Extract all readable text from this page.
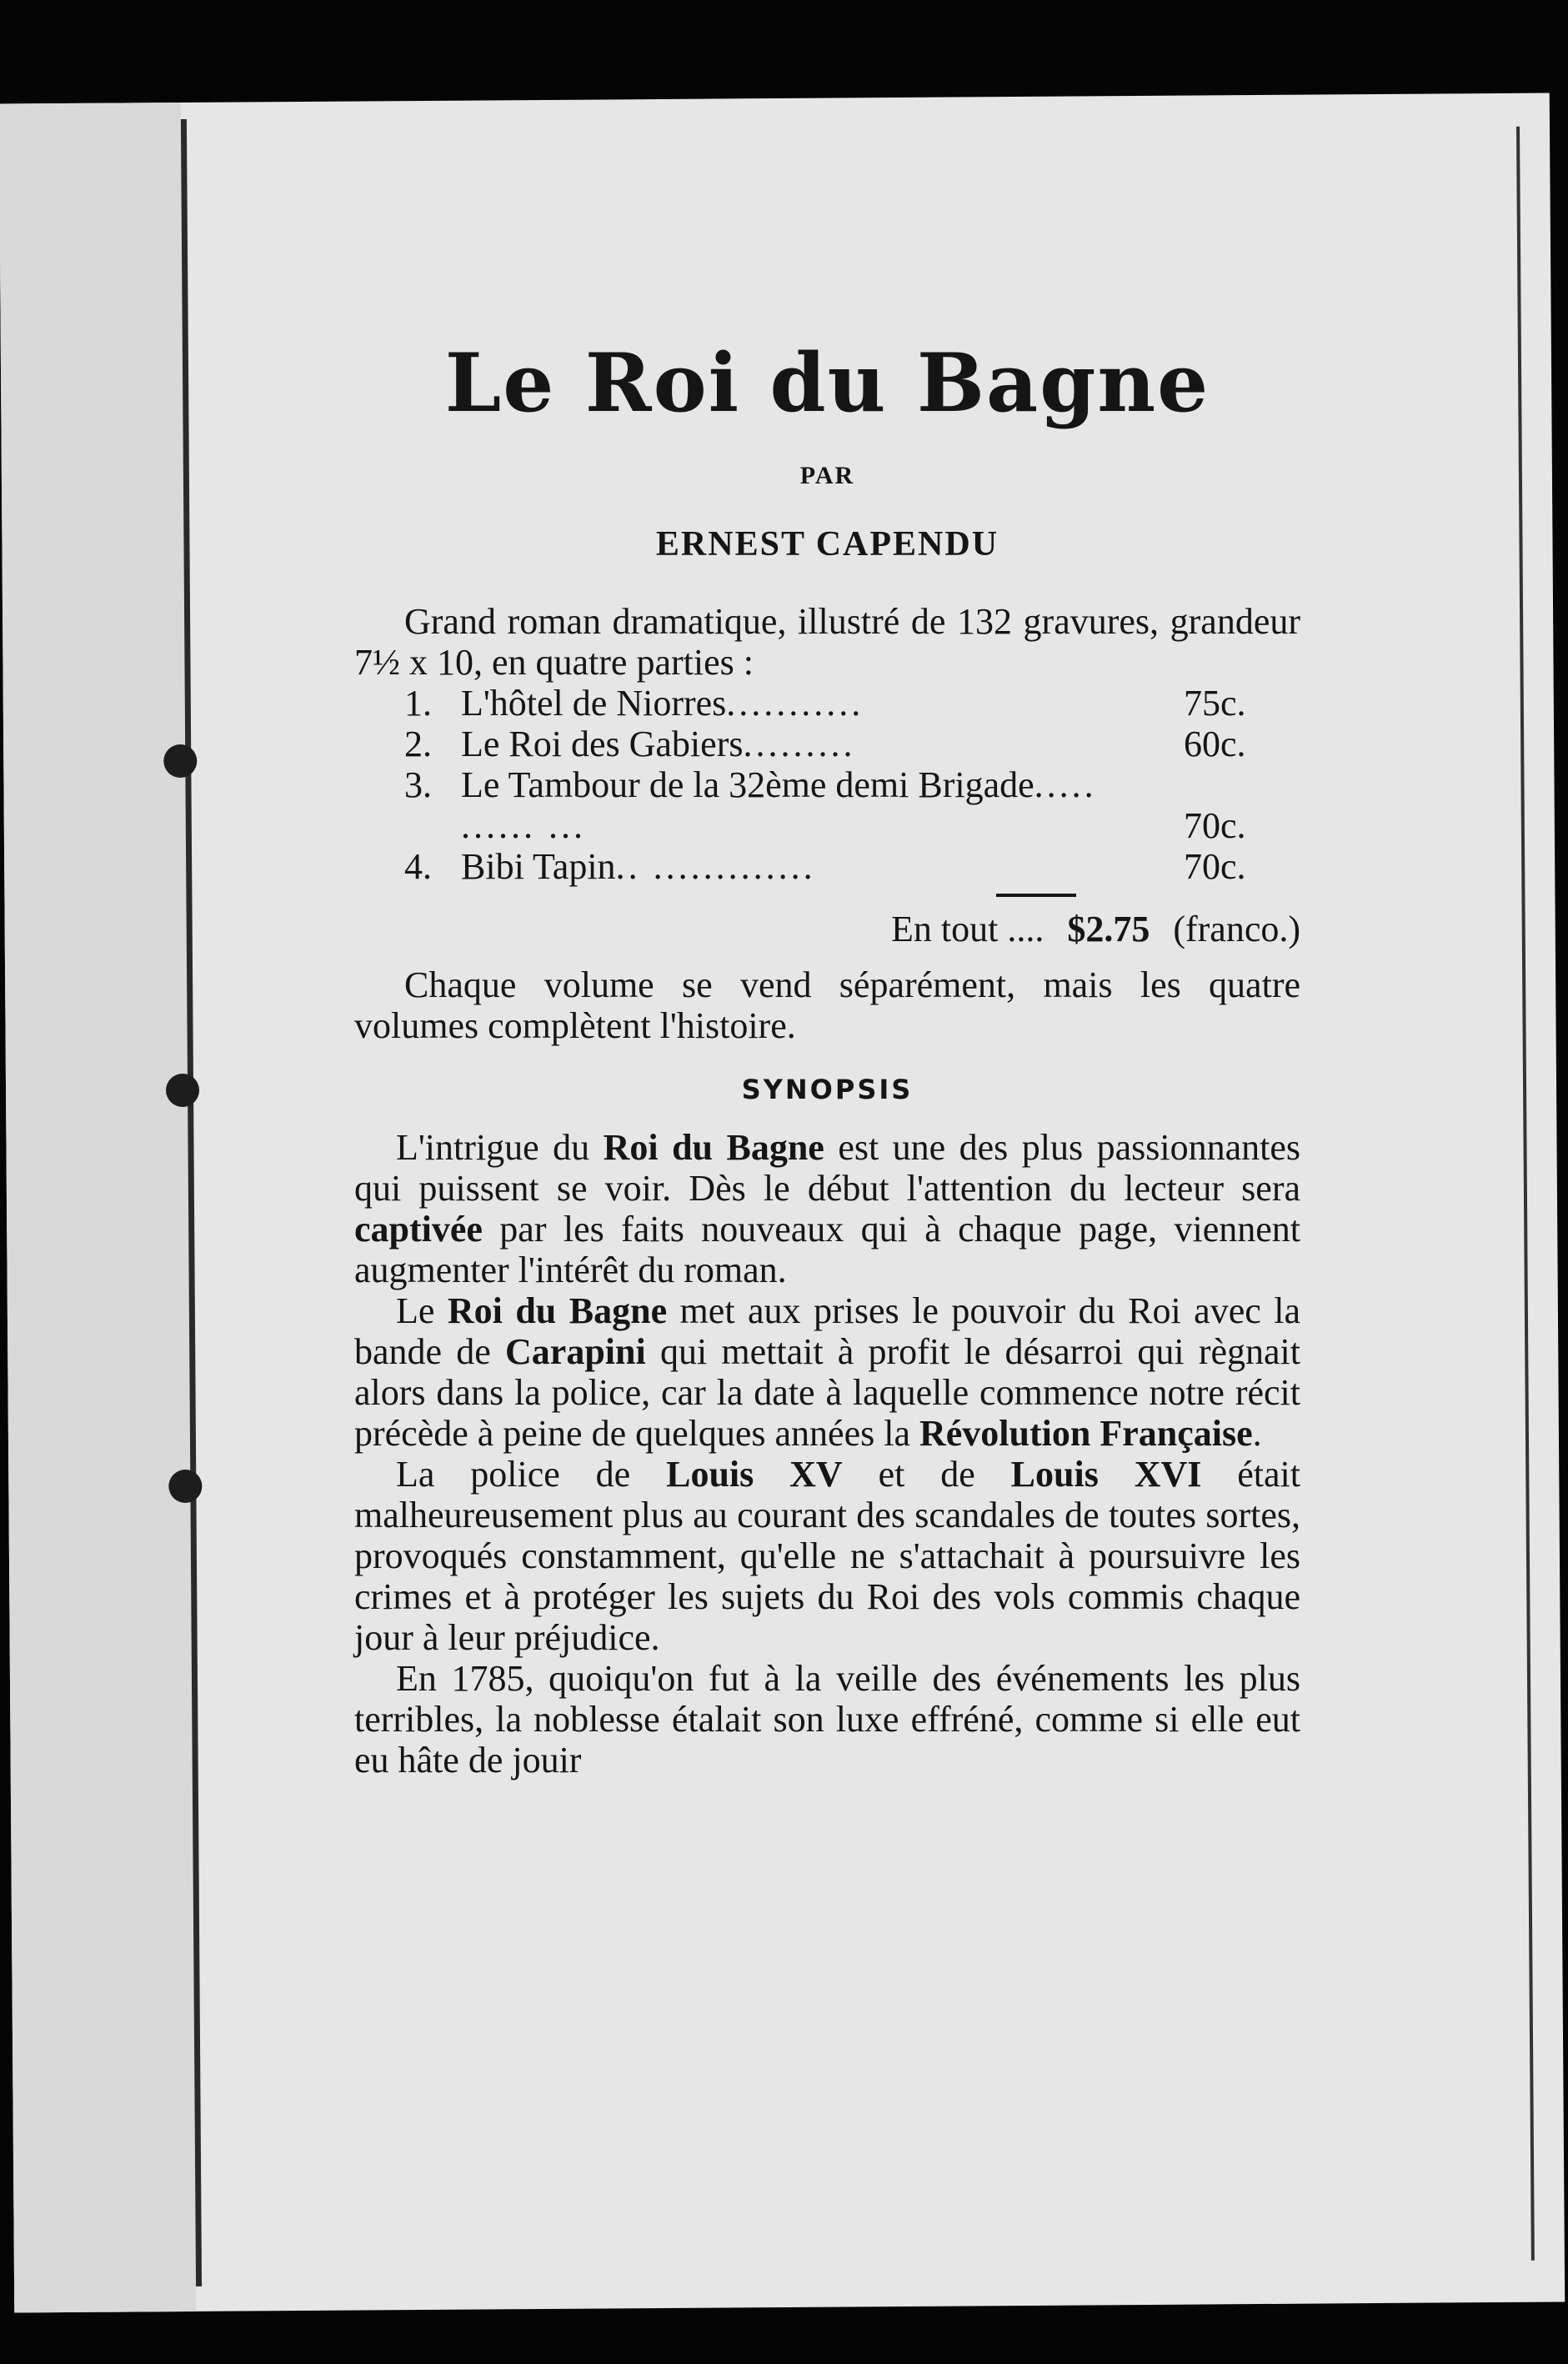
Le Roi du Bagne
PAR
ERNEST CAPENDU

Grand roman dramatique, illustré de 132 gravures, grandeur 7½ x 10, en quatre parties :

1. L'hôtel de Niorres...........	75c.
2. Le Roi des Gabiers.........	60c.
3. Le Tambour de la 32ème demi Brigade..... ...... ...	70c.
4. Bibi Tapin.. .............	70c.
En tout .... $2.75 (franco.)

Chaque volume se vend séparément, mais les quatre volumes complètent l'histoire.

SYNOPSIS

L'intrigue du Roi du Bagne est une des plus passionnantes qui puissent se voir. Dès le début l'attention du lecteur sera captivée par les faits nouveaux qui à chaque page, viennent augmenter l'intérêt du roman.

Le Roi du Bagne met aux prises le pouvoir du Roi avec la bande de Carapini qui mettait à profit le désarroi qui règnait alors dans la police, car la date à laquelle commence notre récit précède à peine de quelques années la Révolution Française.

La police de Louis XV et de Louis XVI était malheureusement plus au courant des scandales de toutes sortes, provoqués constamment, qu'elle ne s'attachait à poursuivre les crimes et à protéger les sujets du Roi des vols commis chaque jour à leur préjudice.

En 1785, quoiqu'on fut à la veille des événements les plus terribles, la noblesse étalait son luxe effréné, comme si elle eut eu hâte de jouir
